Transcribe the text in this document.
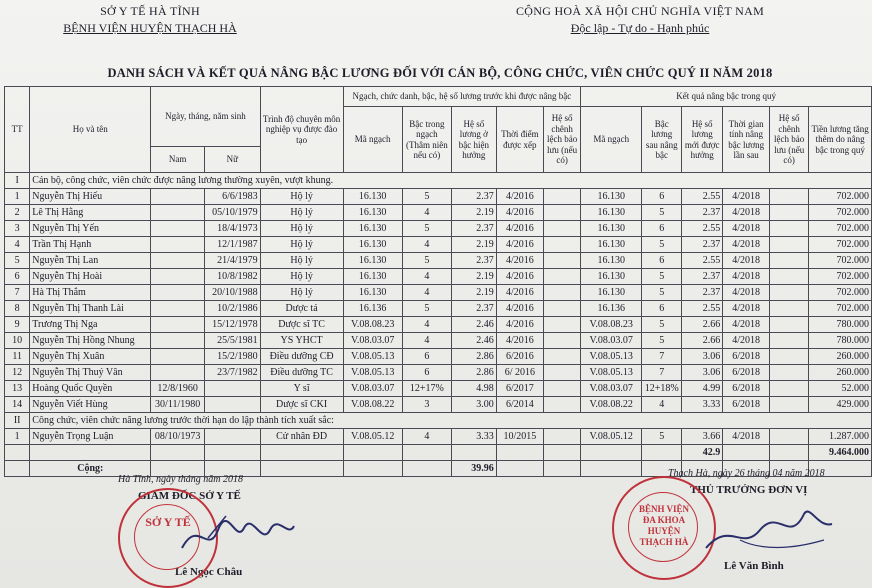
SỞ Y TẾ HÀ TĨNH
BỆNH VIỆN HUYỆN THẠCH HÀ
CỘNG HOÀ XÃ HỘI CHỦ NGHĨA VIỆT NAM
Độc lập - Tự do - Hạnh phúc
DANH SÁCH VÀ KẾT QUẢ NÂNG BẬC LƯƠNG ĐỐI VỚI CÁN BỘ, CÔNG CHỨC, VIÊN CHỨC QUÝ II NĂM 2018
TT	Họ và tên	Ngày, tháng, năm sinh		Trình độ chuyên môn nghiệp vụ được đào tạo	Ngạch, chức danh, bậc, hệ số lương trước khi được nâng bậc					Kết quả nâng bậc trong quý					
					Mã ngạch	Bậc trong ngạch (Thâm niên nếu có)	Hệ số lương ở bậc hiện hưởng	Thời điểm được xếp	Hệ số chênh lệch bảo lưu (nếu có)	Mã ngạch	Bậc lương sau nâng bậc	Hệ số lương mới được hưởng	Thời gian tính nâng bậc lương lần sau	Hệ số chênh lệch bảo lưu (nếu có)	Tiền lương tăng thêm do nâng bậc trong quý
		Nam	Nữ												
I	Cán bộ, công chức, viên chức được nâng lương thường xuyên, vượt khung.														
1	Nguyễn Thị Hiếu		6/6/1983	Hộ lý	16.130	5	2.37	4/2016		16.130	6	2.55	4/2018		702.000
2	Lê Thị Hằng		05/10/1979	Hộ lý	16.130	4	2.19	4/2016		16.130	5	2.37	4/2018		702.000
3	Nguyễn Thị Yến		18/4/1973	Hộ lý	16.130	5	2.37	4/2016		16.130	6	2.55	4/2018		702.000
4	Trần Thị Hạnh		12/1/1987	Hộ lý	16.130	4	2.19	4/2016		16.130	5	2.37	4/2018		702.000
5	Nguyễn Thị Lan		21/4/1979	Hộ lý	16.130	5	2.37	4/2016		16.130	6	2.55	4/2018		702.000
6	Nguyễn Thị Hoài		10/8/1982	Hộ lý	16.130	4	2.19	4/2016		16.130	5	2.37	4/2018		702.000
7	Hà Thị Thắm		20/10/1988	Hộ lý	16.130	4	2.19	4/2016		16.130	5	2.37	4/2018		702.000
8	Nguyễn Thị Thanh Lài		10/2/1986	Dược tá	16.136	5	2.37	4/2016		16.136	6	2.55	4/2018		702.000
9	Trương Thị Nga		15/12/1978	Dược sĩ TC	V.08.08.23	4	2.46	4/2016		V.08.08.23	5	2.66	4/2018		780.000
10	Nguyễn Thị Hồng Nhung		25/5/1981	YS YHCT	V.08.03.07	4	2.46	4/2016		V.08.03.07	5	2.66	4/2018		780.000
11	Nguyễn Thị Xuân		15/2/1980	Điều dưỡng CĐ	V.08.05.13	6	2.86	6/2016		V.08.05.13	7	3.06	6/2018		260.000
12	Nguyễn Thị Thuý Vân		23/7/1982	Điều dưỡng TC	V.08.05.13	6	2.86	6/ 2016		V.08.05.13	7	3.06	6/2018		260.000
13	Hoàng Quốc Quyền	12/8/1960		Y sĩ	V.08.03.07	12+17%	4.98	6/2017		V.08.03.07	12+18%	4.99	6/2018		52.000
14	Nguyễn Viết Hùng	30/11/1980		Dược sĩ CKI	V.08.08.22	3	3.00	6/2014		V.08.08.22	4	3.33	6/2018		429.000
II	Công chức, viên chức nâng lương trước thời hạn do lập thành tích xuất sắc:														
1	Nguyễn Trọng Luận	08/10/1973		Cử nhân ĐD	V.08.05.12	4	3.33	10/2015		V.08.05.12	5	3.66	4/2018		1.287.000
												42.9			9.464.000
	Cộng:						39.96								
Hà Tĩnh, ngày tháng năm 2018
GIÁM ĐỐC SỞ Y TẾ
Lê Ngọc Châu
Thạch Hà, ngày 26 tháng 04 năm 2018
THỦ TRƯỞNG ĐƠN VỊ
Lê Văn Bình
SỞ Y TẾ
BỆNH VIỆN ĐA KHOA HUYỆN THẠCH HÀ
